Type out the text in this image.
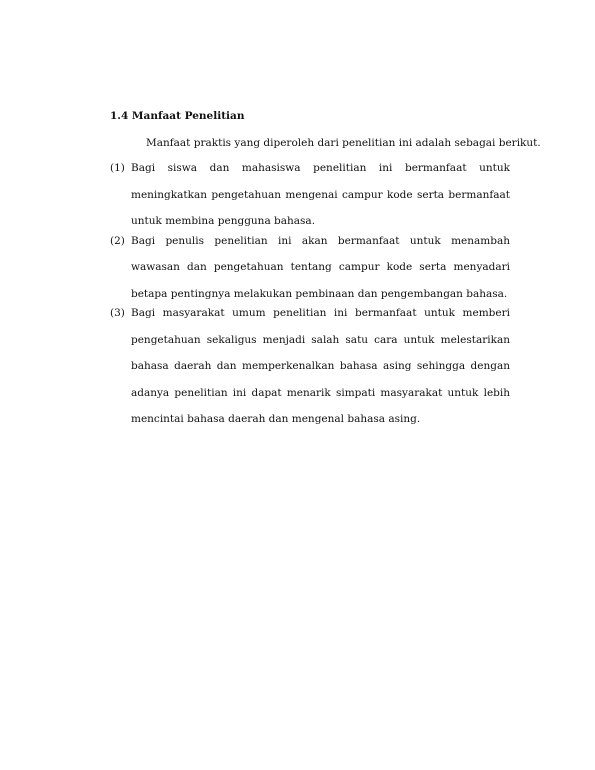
1.4 Manfaat Penelitian

Manfaat praktis yang diperoleh dari penelitian ini adalah sebagai berikut.

(1) Bagi siswa dan mahasiswa penelitian ini bermanfaat untuk meningkatkan pengetahuan mengenai campur kode serta bermanfaat untuk membina pengguna bahasa.
(2) Bagi penulis penelitian ini akan bermanfaat untuk menambah wawasan dan pengetahuan tentang campur kode serta menyadari betapa pentingnya melakukan pembinaan dan pengembangan bahasa.
(3) Bagi masyarakat umum penelitian ini bermanfaat untuk memberi pengetahuan sekaligus menjadi salah satu cara untuk melestarikan bahasa daerah dan memperkenalkan bahasa asing sehingga dengan adanya penelitian ini dapat menarik simpati masyarakat untuk lebih mencintai bahasa daerah dan mengenal bahasa asing.
